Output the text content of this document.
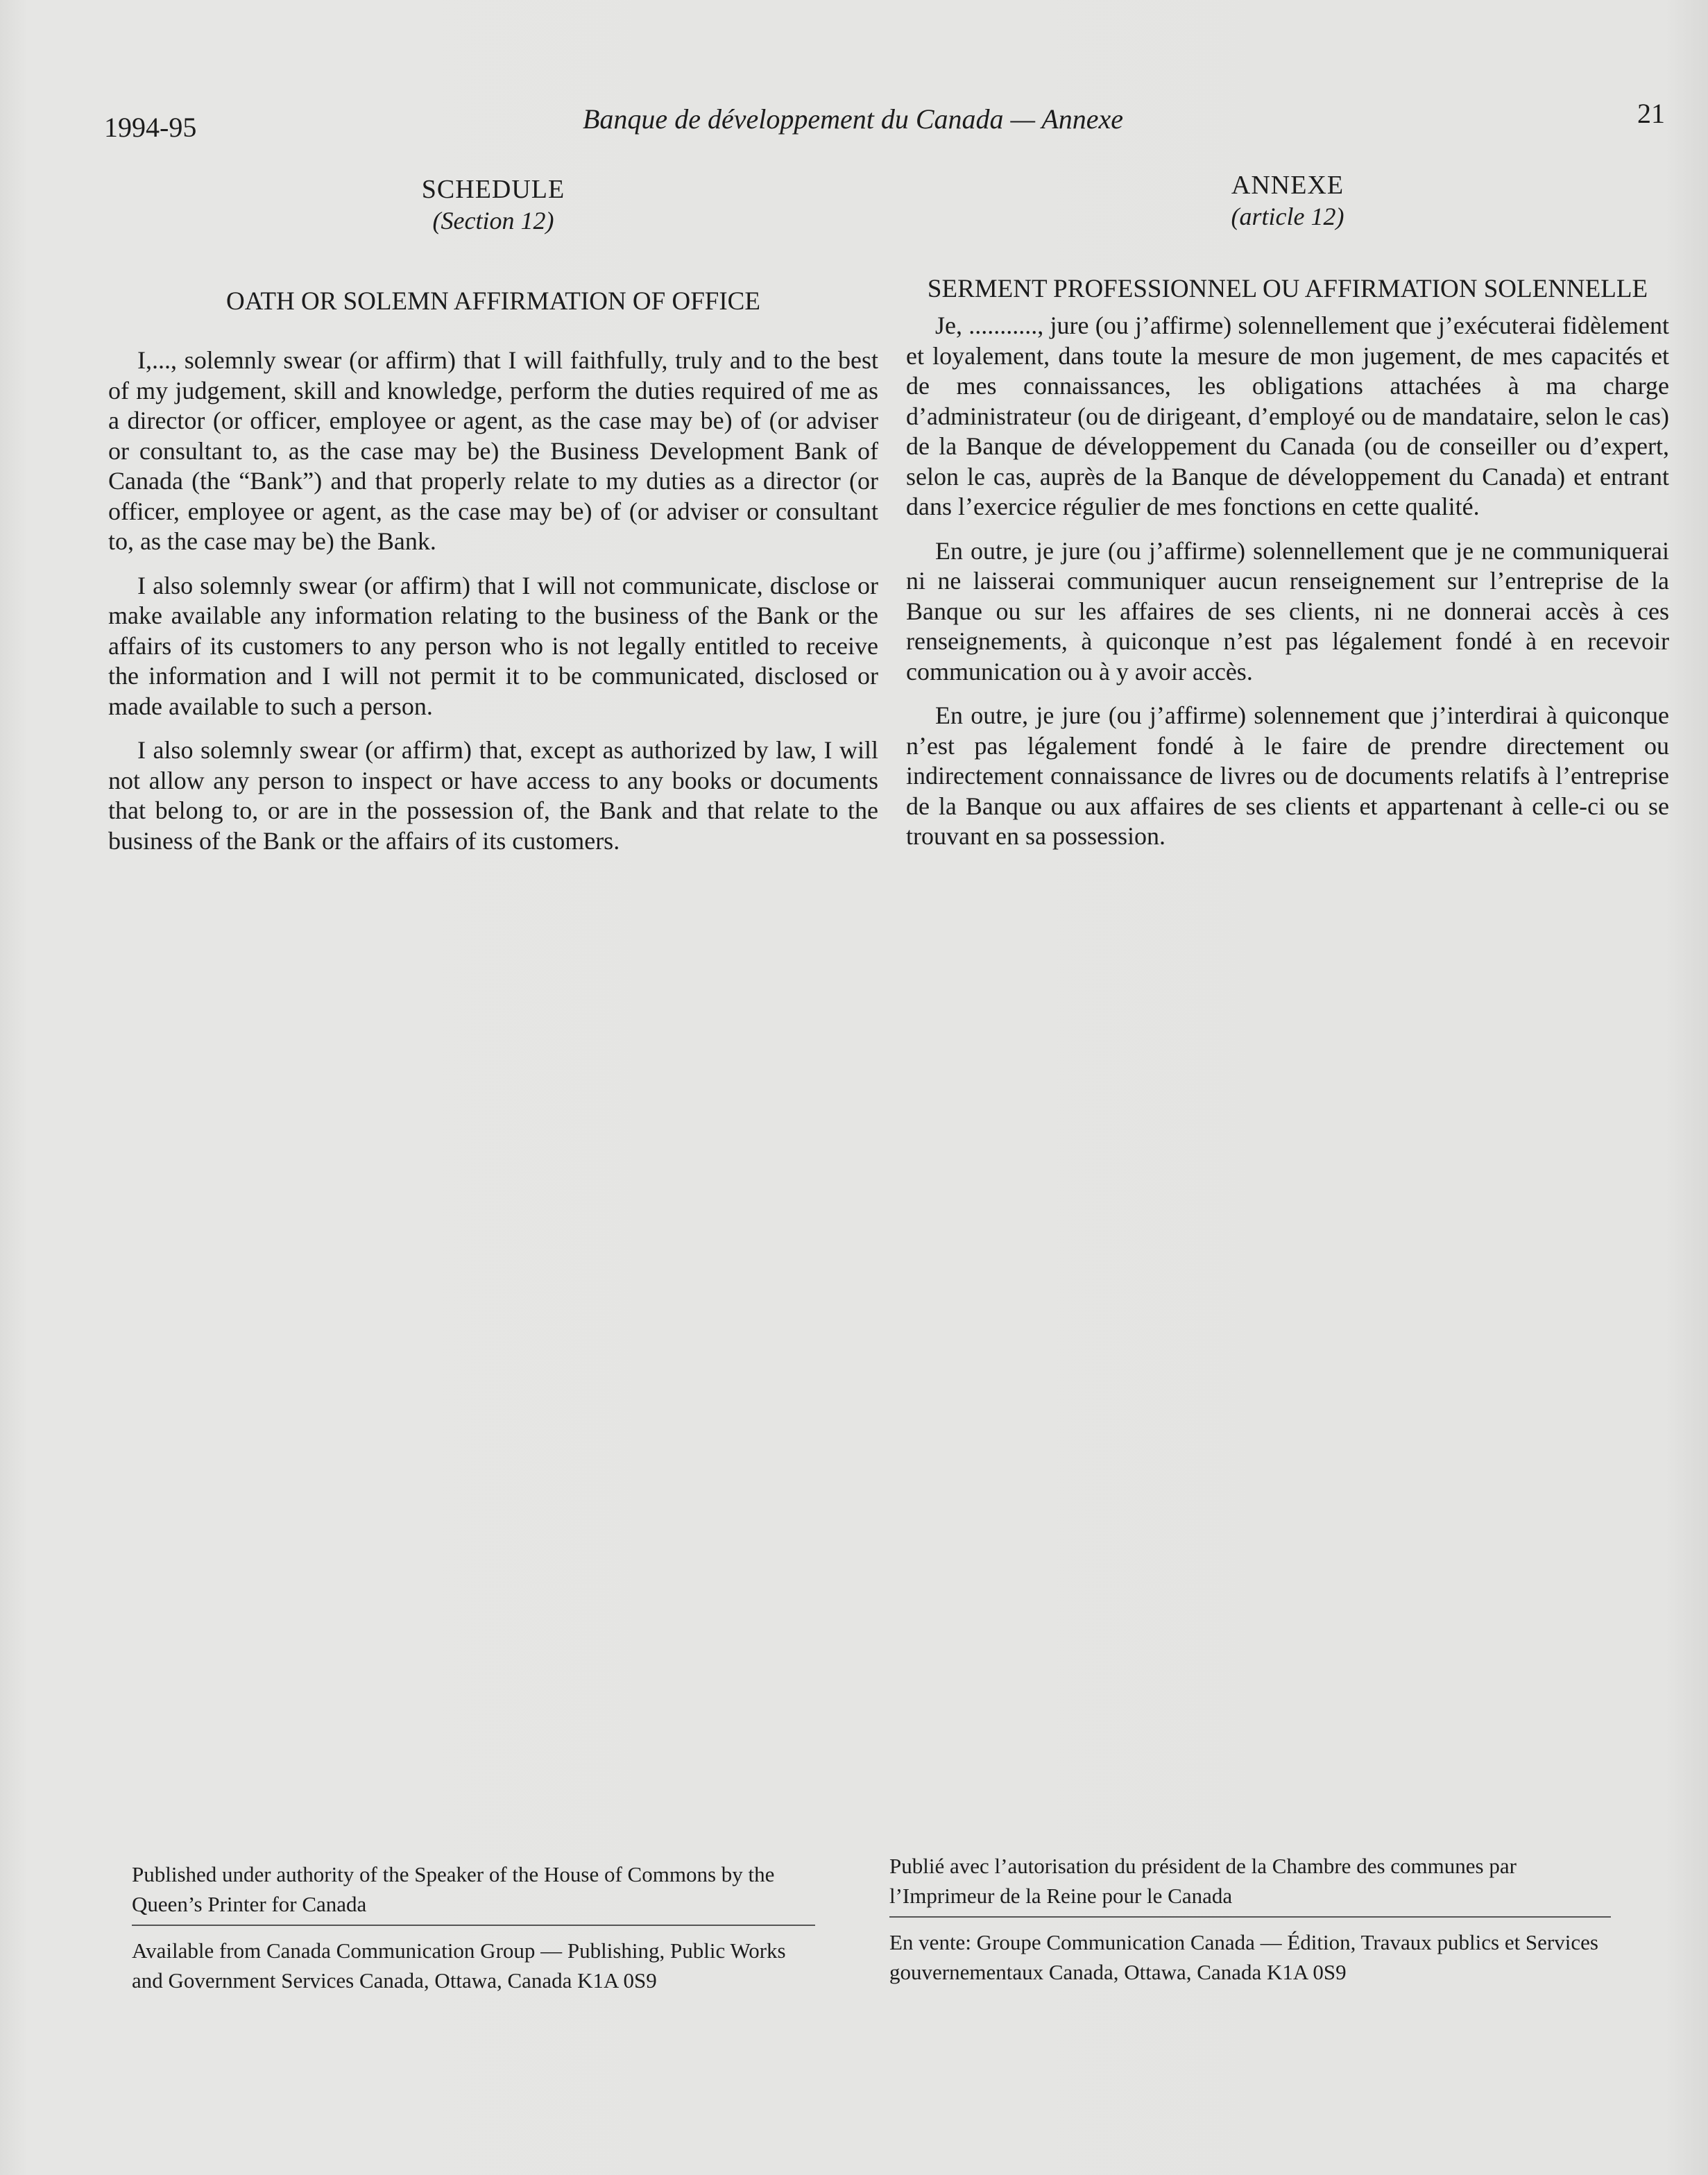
1994-95	Banque de développement du Canada — Annexe	21
SCHEDULE
(Section 12)
OATH OR SOLEMN AFFIRMATION OF OFFICE

I,..., solemnly swear (or affirm) that I will faithfully, truly and to the best of my judgement, skill and knowledge, perform the duties required of me as a director (or officer, employee or agent, as the case may be) of (or adviser or consultant to, as the case may be) the Business Development Bank of Canada (the “Bank”) and that properly relate to my duties as a director (or officer, employee or agent, as the case may be) of (or adviser or consultant to, as the case may be) the Bank.

I also solemnly swear (or affirm) that I will not communicate, disclose or make available any information relating to the business of the Bank or the affairs of its customers to any person who is not legally entitled to receive the information and I will not permit it to be communicated, disclosed or made available to such a person.

I also solemnly swear (or affirm) that, except as authorized by law, I will not allow any person to inspect or have access to any books or documents that belong to, or are in the possession of, the Bank and that relate to the business of the Bank or the affairs of its customers.

ANNEXE
(article 12)
SERMENT PROFESSIONNEL OU AFFIRMATION SOLENNELLE

Je, ..........., jure (ou j’affirme) solennellement que j’exécuterai fidèlement et loyalement, dans toute la mesure de mon jugement, de mes capacités et de mes connaissances, les obligations attachées à ma charge d’administrateur (ou de dirigeant, d’employé ou de mandataire, selon le cas) de la Banque de développement du Canada (ou de conseiller ou d’expert, selon le cas, auprès de la Banque de développement du Canada) et entrant dans l’exercice régulier de mes fonctions en cette qualité.

En outre, je jure (ou j’affirme) solennellement que je ne communiquerai ni ne laisserai communiquer aucun renseignement sur l’entreprise de la Banque ou sur les affaires de ses clients, ni ne donnerai accès à ces renseignements, à quiconque n’est pas légalement fondé à en recevoir communication ou à y avoir accès.

En outre, je jure (ou j’affirme) solennement que j’interdirai à quiconque n’est pas légalement fondé à le faire de prendre directement ou indirectement connaissance de livres ou de documents relatifs à l’entreprise de la Banque ou aux affaires de ses clients et appartenant à celle-ci ou se trouvant en sa possession.

Published under authority of the Speaker of the House of Commons by the Queen’s Printer for Canada

Available from Canada Communication Group — Publishing, Public Works and Government Services Canada, Ottawa, Canada K1A 0S9

Publié avec l’autorisation du président de la Chambre des communes par l’Imprimeur de la Reine pour le Canada

En vente: Groupe Communication Canada — Édition, Travaux publics et Services gouvernementaux Canada, Ottawa, Canada K1A 0S9
